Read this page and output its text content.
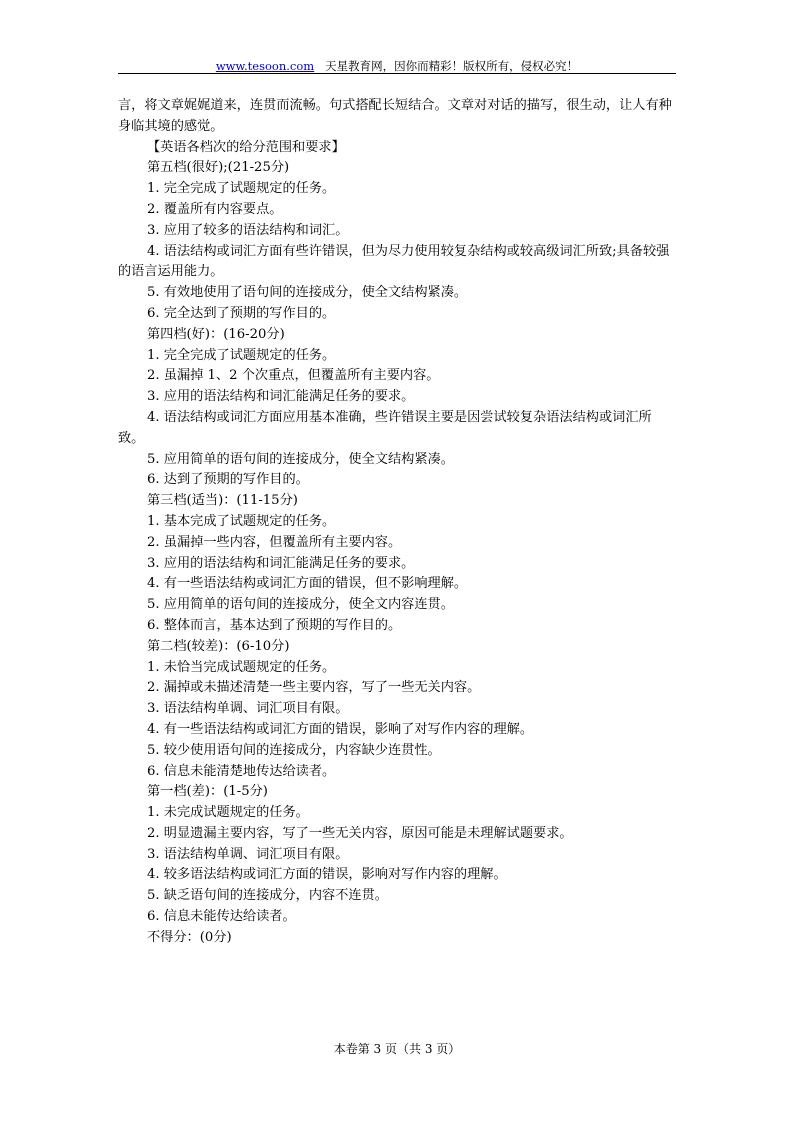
www.tesoon.com 天星教育网，因你而精彩！版权所有，侵权必究！
言，将文章娓娓道来，连贯而流畅。句式搭配长短结合。文章对对话的描写，很生动，让人有种身临其境的感觉。
【英语各档次的给分范围和要求】
第五档(很好);(21-25分)
1. 完全完成了试题规定的任务。
2. 覆盖所有内容要点。
3. 应用了较多的语法结构和词汇。
4. 语法结构或词汇方面有些许错误，但为尽力使用较复杂结构或较高级词汇所致;具备较强的语言运用能力。
5. 有效地使用了语句间的连接成分，使全文结构紧凑。
6. 完全达到了预期的写作目的。
第四档(好)：(16-20分)
1. 完全完成了试题规定的任务。
2. 虽漏掉 1、2 个次重点，但覆盖所有主要内容。
3. 应用的语法结构和词汇能满足任务的要求。
4. 语法结构或词汇方面应用基本准确，些许错误主要是因尝试较复杂语法结构或词汇所致。
5. 应用简单的语句间的连接成分，使全文结构紧凑。
6. 达到了预期的写作目的。
第三档(适当)：(11-15分)
1. 基本完成了试题规定的任务。
2. 虽漏掉一些内容，但覆盖所有主要内容。
3. 应用的语法结构和词汇能满足任务的要求。
4. 有一些语法结构或词汇方面的错误，但不影响理解。
5. 应用简单的语句间的连接成分，使全文内容连贯。
6. 整体而言，基本达到了预期的写作目的。
第二档(较差)：(6-10分)
1. 未恰当完成试题规定的任务。
2. 漏掉或未描述清楚一些主要内容，写了一些无关内容。
3. 语法结构单调、词汇项目有限。
4. 有一些语法结构或词汇方面的错误，影响了对写作内容的理解。
5. 较少使用语句间的连接成分，内容缺少连贯性。
6. 信息未能清楚地传达给读者。
第一档(差)：(1-5分)
1. 未完成试题规定的任务。
2. 明显遗漏主要内容，写了一些无关内容，原因可能是未理解试题要求。
3. 语法结构单调、词汇项目有限。
4. 较多语法结构或词汇方面的错误，影响对写作内容的理解。
5. 缺乏语句间的连接成分，内容不连贯。
6. 信息未能传达给读者。
不得分：(0分)
本卷第 3 页（共 3 页）
